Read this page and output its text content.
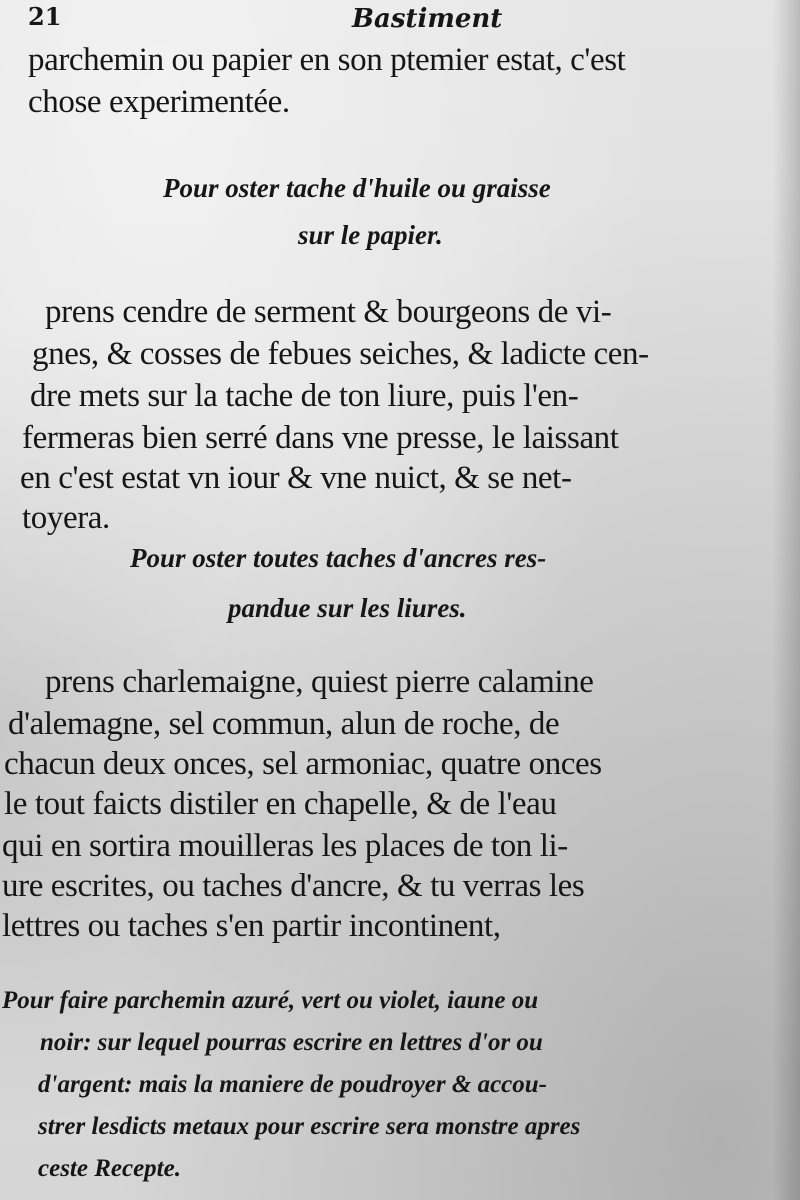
21	Bastiment
parchemin ou papier en son ptemier estat, c'est
chose experimentée.
Pour oster tache d'huile ou graisse
sur le papier.
prens cendre de serment & bourgeons de vi-
gnes, & cosses de febues seiches, & ladicte cen-
dre mets sur la tache de ton liure, puis l'en-
fermeras bien serré dans vne presse, le laissant
en c'est estat vn iour & vne nuict, & se net-
toyera.
Pour oster toutes taches d'ancres res-
pandue sur les liures.
prens charlemaigne, quiest pierre calamine
d'alemagne, sel commun, alun de roche, de
chacun deux onces, sel armoniac, quatre onces
le tout faicts distiler en chapelle, & de l'eau
qui en sortira mouilleras les places de ton li-
ure escrites, ou taches d'ancre, & tu verras les
lettres ou taches s'en partir incontinent,
Pour faire parchemin azuré, vert ou violet, iaune ou
noir: sur lequel pourras escrire en lettres d'or ou
d'argent: mais la maniere de poudroyer & accou-
strer lesdicts metaux pour escrire sera monstre apres
ceste Recepte.
